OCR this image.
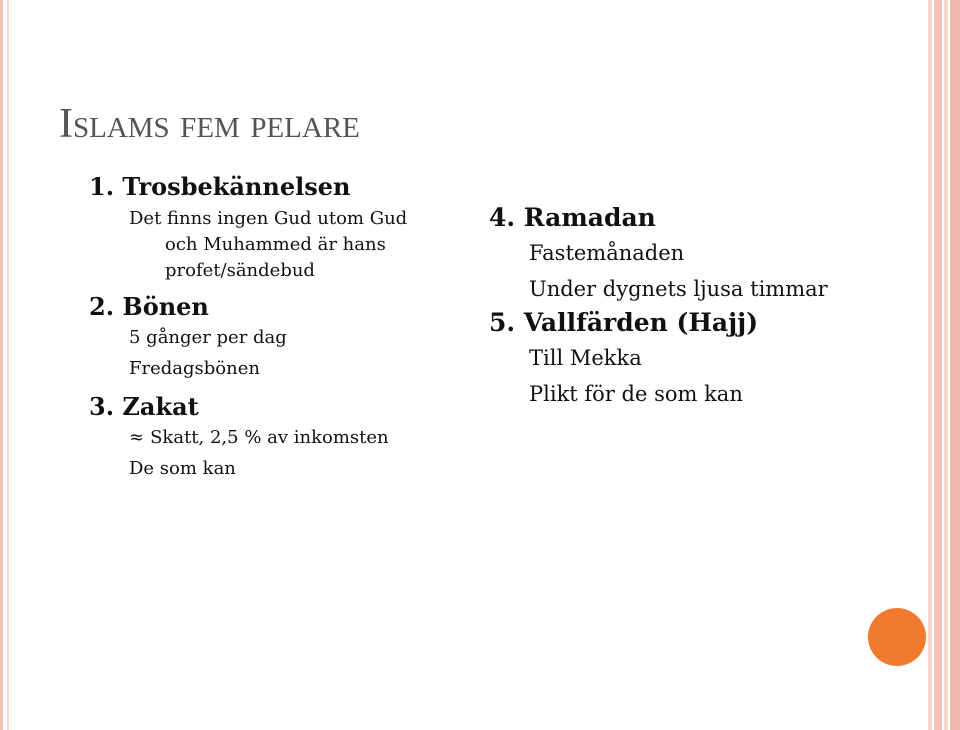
Islams fem pelare
1. Trosbekännelsen
Det finns ingen Gud utom Gud
och Muhammed är hans
profet/sändebud
2. Bönen
5 gånger per dag
Fredagsbönen
3. Zakat
≈ Skatt, 2,5 % av inkomsten
De som kan
4. Ramadan
Fastemånaden
Under dygnets ljusa timmar
5. Vallfärden (Hajj)
Till Mekka
Plikt för de som kan
